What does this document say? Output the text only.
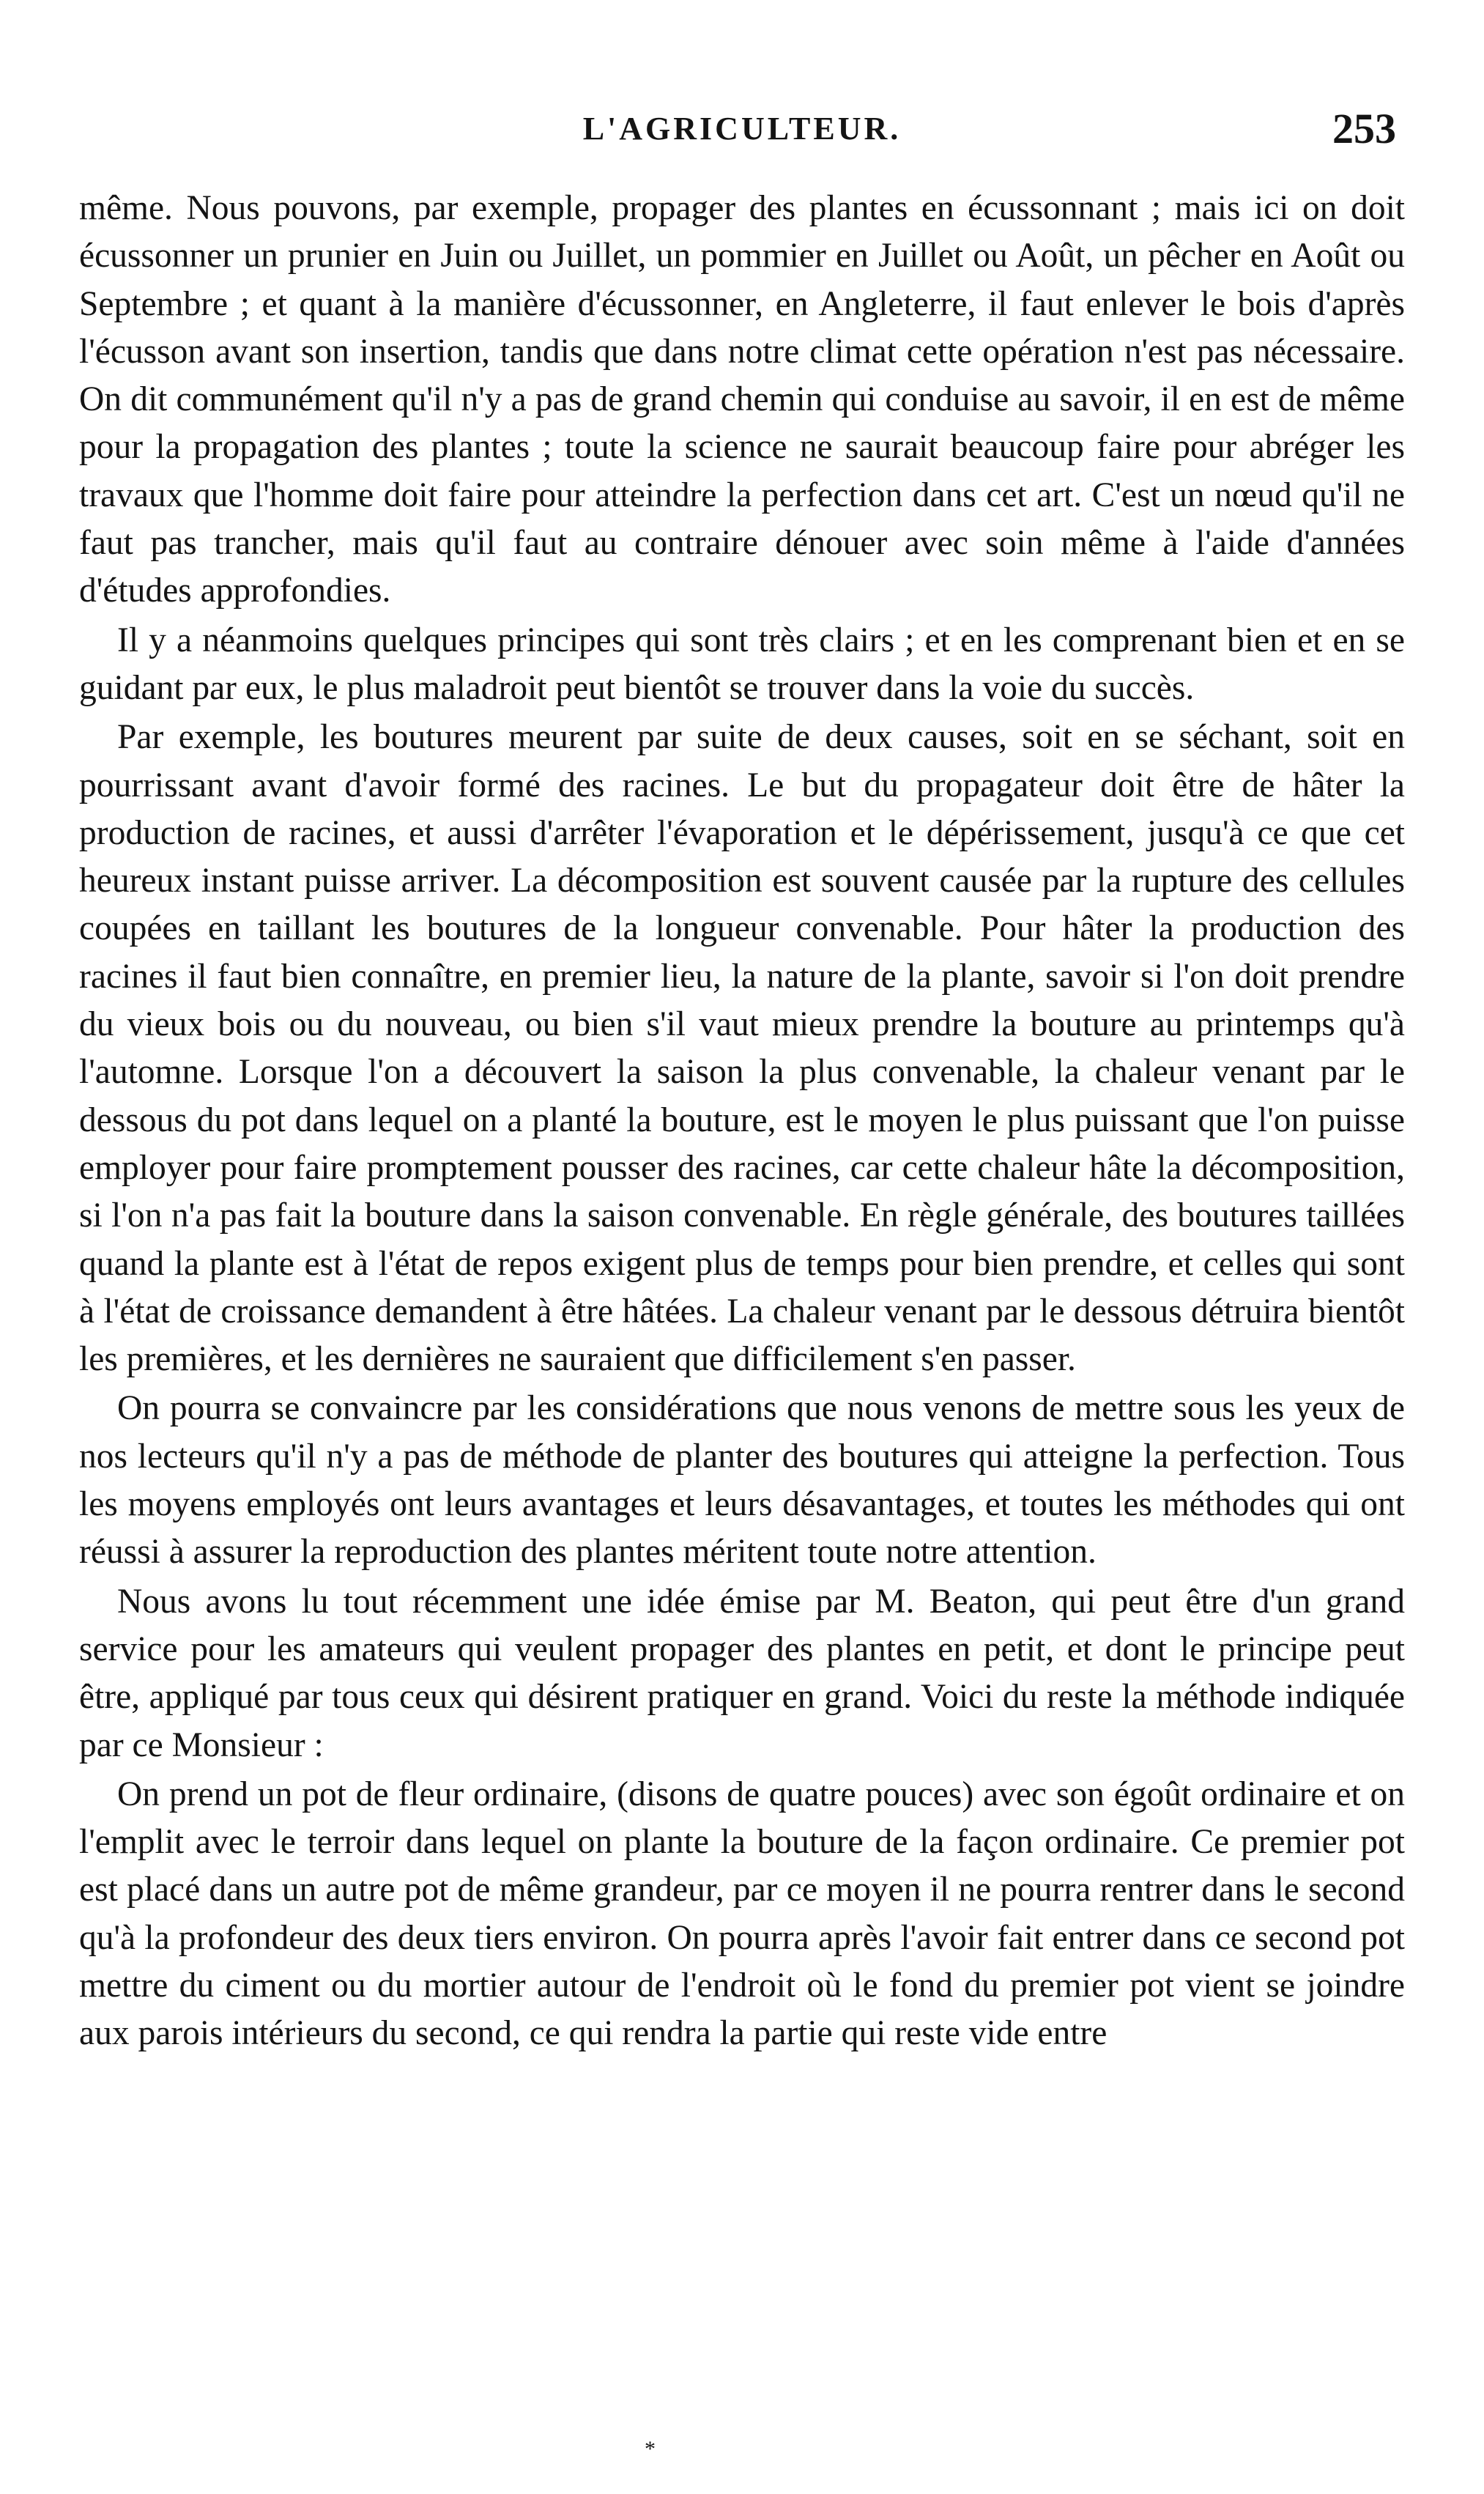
L'AGRICULTEUR.	253

même. Nous pouvons, par exemple, propager des plantes en écussonnant ; mais ici on doit écussonner un prunier en Juin ou Juillet, un pommier en Juillet ou Août, un pêcher en Août ou Septembre ; et quant à la manière d'écussonner, en Angleterre, il faut enlever le bois d'après l'écusson avant son insertion, tandis que dans notre climat cette opération n'est pas nécessaire. On dit communément qu'il n'y a pas de grand chemin qui conduise au savoir, il en est de même pour la propagation des plantes ; toute la science ne saurait beaucoup faire pour abréger les travaux que l'homme doit faire pour atteindre la perfection dans cet art. C'est un nœud qu'il ne faut pas trancher, mais qu'il faut au contraire dénouer avec soin même à l'aide d'années d'études approfondies.

Il y a néanmoins quelques principes qui sont très clairs ; et en les comprenant bien et en se guidant par eux, le plus maladroit peut bientôt se trouver dans la voie du succès.

Par exemple, les boutures meurent par suite de deux causes, soit en se séchant, soit en pourrissant avant d'avoir formé des racines. Le but du propagateur doit être de hâter la production de racines, et aussi d'arrêter l'évaporation et le dépérissement, jusqu'à ce que cet heureux instant puisse arriver. La décomposition est souvent causée par la rupture des cellules coupées en taillant les boutures de la longueur convenable. Pour hâter la production des racines il faut bien connaître, en premier lieu, la nature de la plante, savoir si l'on doit prendre du vieux bois ou du nouveau, ou bien s'il vaut mieux prendre la bouture au printemps qu'à l'automne. Lorsque l'on a découvert la saison la plus convenable, la chaleur venant par le dessous du pot dans lequel on a planté la bouture, est le moyen le plus puissant que l'on puisse employer pour faire promptement pousser des racines, car cette chaleur hâte la décomposition, si l'on n'a pas fait la bouture dans la saison convenable. En règle générale, des boutures taillées quand la plante est à l'état de repos exigent plus de temps pour bien prendre, et celles qui sont à l'état de croissance demandent à être hâtées. La chaleur venant par le dessous détruira bientôt les premières, et les dernières ne sauraient que difficilement s'en passer.

On pourra se convaincre par les considérations que nous venons de mettre sous les yeux de nos lecteurs qu'il n'y a pas de méthode de planter des boutures qui atteigne la perfection. Tous les moyens employés ont leurs avantages et leurs désavantages, et toutes les méthodes qui ont réussi à assurer la reproduction des plantes méritent toute notre attention.

Nous avons lu tout récemment une idée émise par M. Beaton, qui peut être d'un grand service pour les amateurs qui veulent propager des plantes en petit, et dont le principe peut être, appliqué par tous ceux qui désirent pratiquer en grand. Voici du reste la méthode indiquée par ce Monsieur :

On prend un pot de fleur ordinaire, (disons de quatre pouces) avec son égoût ordinaire et on l'emplit avec le terroir dans lequel on plante la bouture de la façon ordinaire. Ce premier pot est placé dans un autre pot de même grandeur, par ce moyen il ne pourra rentrer dans le second qu'à la profondeur des deux tiers environ. On pourra après l'avoir fait entrer dans ce second pot mettre du ciment ou du mortier autour de l'endroit où le fond du premier pot vient se joindre aux parois intérieurs du second, ce qui rendra la partie qui reste vide entre

*
